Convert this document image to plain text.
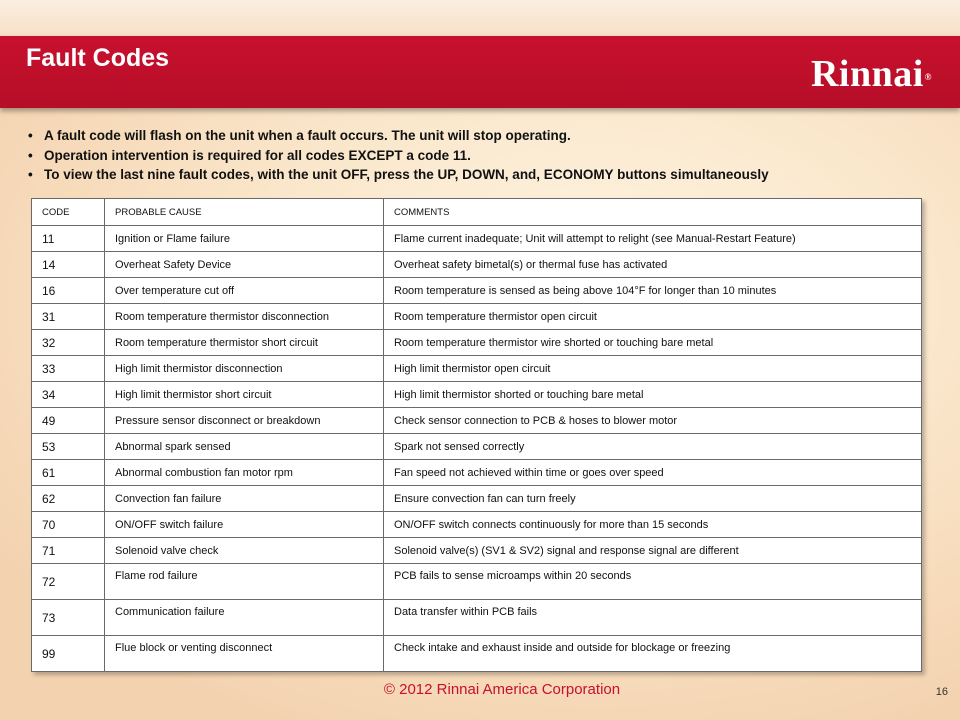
Fault Codes	Rinnai®
• A fault code will flash on the unit when a fault occurs. The unit will stop operating.
• Operation intervention is required for all codes EXCEPT a code 11.
• To view the last nine fault codes, with the unit OFF, press the UP, DOWN, and, ECONOMY buttons simultaneously
CODE	PROBABLE CAUSE	COMMENTS
11	Ignition or Flame failure	Flame current inadequate; Unit will attempt to relight (see Manual-Restart Feature)
14	Overheat Safety Device	Overheat safety bimetal(s) or thermal fuse has activated
16	Over temperature cut off	Room temperature is sensed as being above 104°F for longer than 10 minutes
31	Room temperature thermistor disconnection	Room temperature thermistor open circuit
32	Room temperature thermistor short circuit	Room temperature thermistor wire shorted or touching bare metal
33	High limit thermistor disconnection	High limit thermistor open circuit
34	High limit thermistor short circuit	High limit thermistor shorted or touching bare metal
49	Pressure sensor disconnect or breakdown	Check sensor connection to PCB & hoses to blower motor
53	Abnormal spark sensed	Spark not sensed correctly
61	Abnormal combustion fan motor rpm	Fan speed not achieved within time or goes over speed
62	Convection fan failure	Ensure convection fan can turn freely
70	ON/OFF switch failure	ON/OFF switch connects continuously for more than 15 seconds
71	Solenoid valve check	Solenoid valve(s) (SV1 & SV2) signal and response signal are different
72	Flame rod failure	PCB fails to sense microamps within 20 seconds
73	Communication failure	Data transfer within PCB fails
99	Flue block or venting disconnect	Check intake and exhaust inside and outside for blockage or freezing
© 2012 Rinnai America Corporation	16
